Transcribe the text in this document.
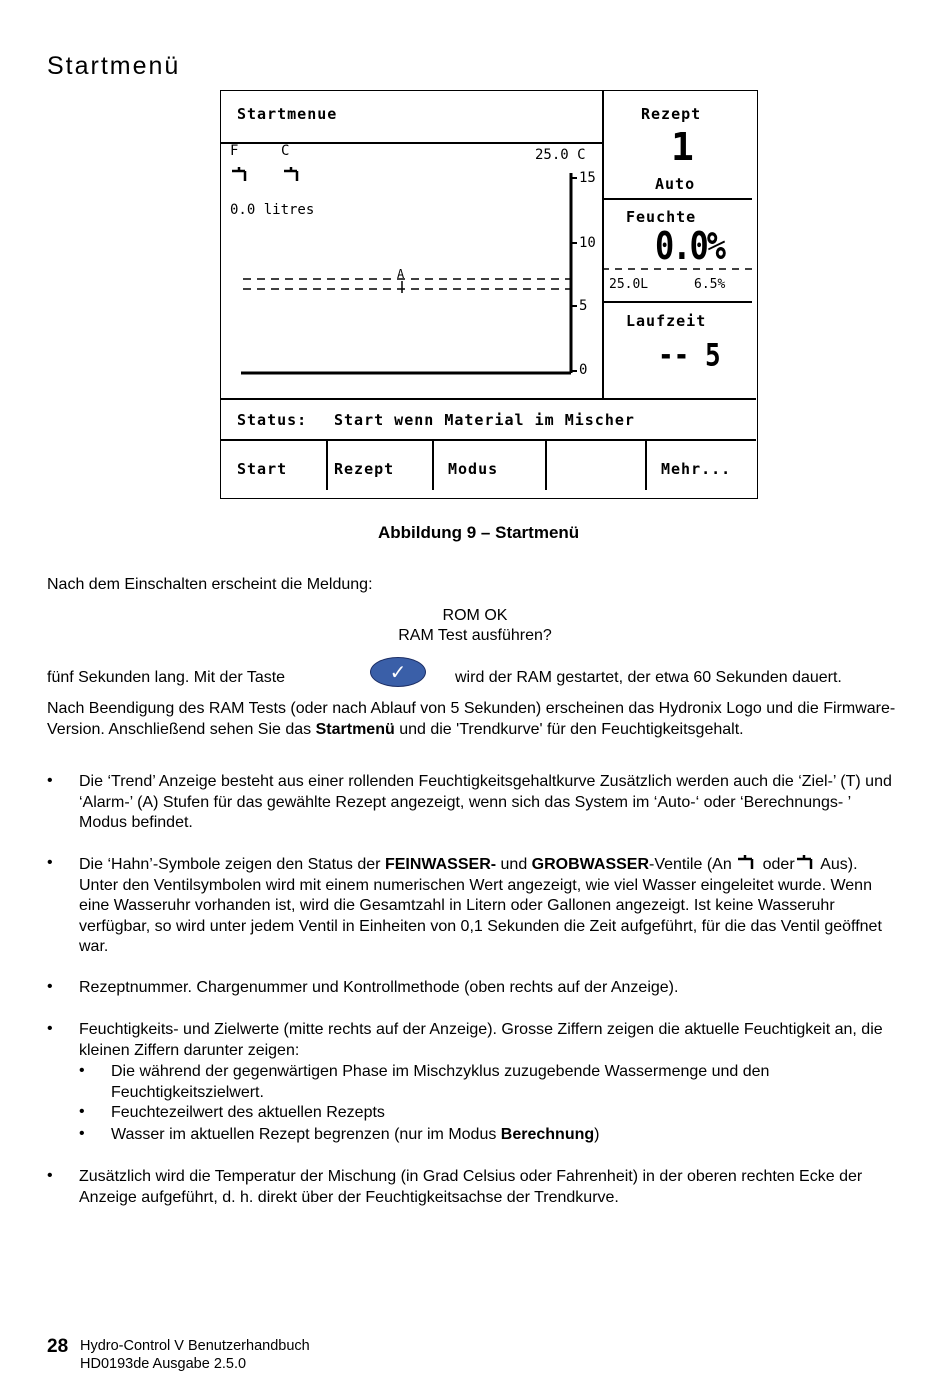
Startmenü
Startmenue
F	C	25.0 C
0.0 litres
A
15
10
5
0
Rezept
1
Auto
Feuchte
0.0%
25.0L	6.5%
Laufzeit
-- 5
Status: Start wenn Material im Mischer
Start	Rezept	Modus	Mehr...
Abbildung 9 – Startmenü
Nach dem Einschalten erscheint die Meldung:
ROM OK
RAM Test ausführen?
fünf Sekunden lang. Mit der Taste	✓	wird der RAM gestartet, der etwa 60 Sekunden dauert.
Nach Beendigung des RAM Tests (oder nach Ablauf von 5 Sekunden) erscheinen das Hydronix Logo und die Firmware-Version. Anschließend sehen Sie das Startmenü und die 'Trendkurve' für den Feuchtigkeitsgehalt.
• Die ‘Trend’ Anzeige besteht aus einer rollenden Feuchtigkeitsgehaltkurve Zusätzlich werden auch die ‘Ziel-’ (T) und ‘Alarm-’ (A) Stufen für das gewählte Rezept angezeigt, wenn sich das System im ‘Auto-‘ oder ‘Berechnungs- ’ Modus befindet.
• Die ‘Hahn’-Symbole zeigen den Status der FEINWASSER- und GROBWASSER-Ventile (An  oder Aus). Unter den Ventilsymbolen wird mit einem numerischen Wert angezeigt, wie viel Wasser eingeleitet wurde. Wenn eine Wasseruhr vorhanden ist, wird die Gesamtzahl in Litern oder Gallonen angezeigt. Ist keine Wasseruhr verfügbar, so wird unter jedem Ventil in Einheiten von 0,1 Sekunden die Zeit aufgeführt, für die das Ventil geöffnet war.
• Rezeptnummer. Chargenummer und Kontrollmethode (oben rechts auf der Anzeige).
• Feuchtigkeits- und Zielwerte (mitte rechts auf der Anzeige). Grosse Ziffern zeigen die aktuelle Feuchtigkeit an, die kleinen Ziffern darunter zeigen:
• Die während der gegenwärtigen Phase im Mischzyklus zuzugebende Wassermenge und den Feuchtigkeitszielwert.
• Feuchtezeilwert des aktuellen Rezepts
• Wasser im aktuellen Rezept begrenzen (nur im Modus Berechnung)
• Zusätzlich wird die Temperatur der Mischung (in Grad Celsius oder Fahrenheit) in der oberen rechten Ecke der Anzeige aufgeführt, d. h. direkt über der Feuchtigkeitsachse der Trendkurve.
28 Hydro-Control V Benutzerhandbuch
HD0193de Ausgabe 2.5.0
